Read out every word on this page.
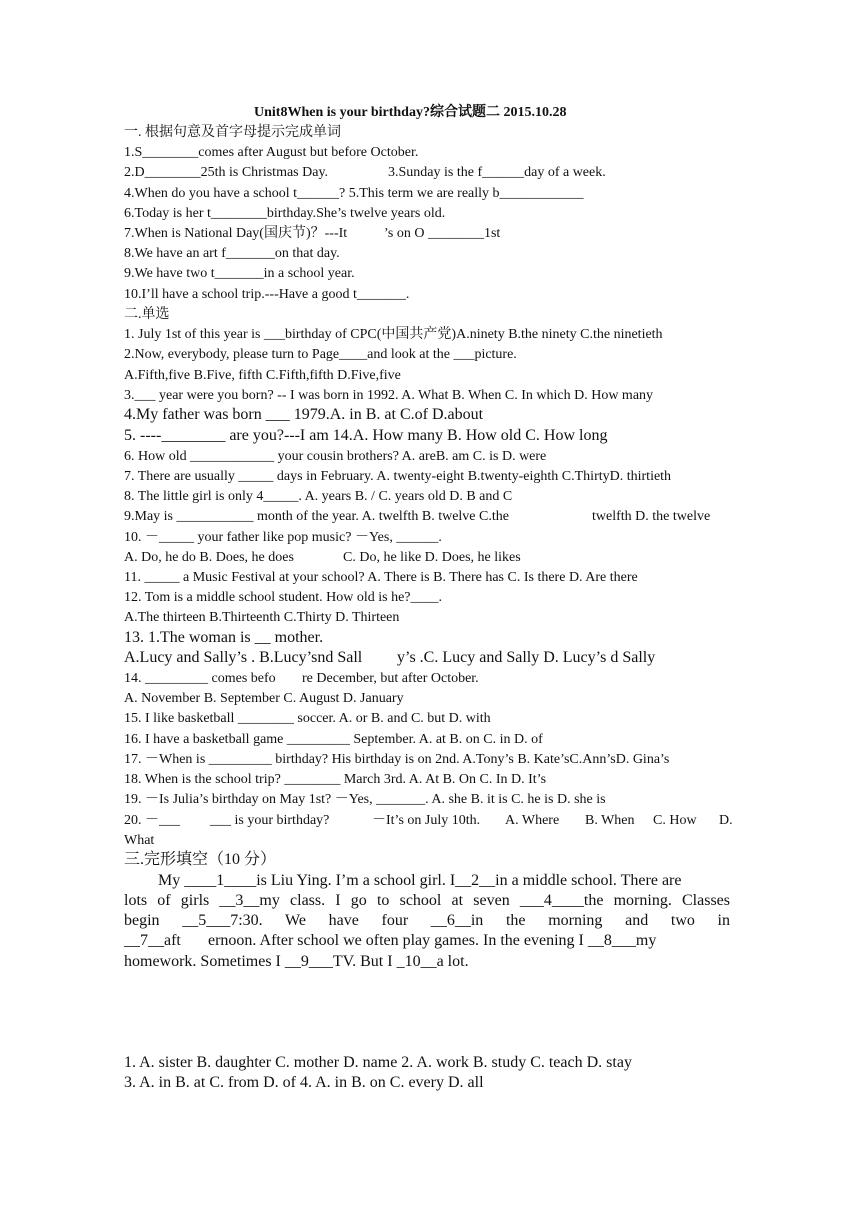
Unit8When is your birthday?综合试题二 2015.10.28
一. 根据句意及首字母提示完成单词
1.S________comes after August but before October.
2.D________25th is Christmas Day.	3.Sunday is the f______day of a week.
4.When do you have a school t______? 5.This term we are really b____________
6.Today is her t________birthday.She’s twelve years old.
7.When is National Day(国庆节)？---It	’s on O ________1st
8.We have an art f_______on that day.
9.We have two t_______in a school year.
10.I’ll have a school trip.---Have a good t_______.
二.单选
1. July 1st of this year is ___birthday of CPC(中国共产党)A.ninety B.the ninety C.the ninetieth
2.Now, everybody, please turn to Page____and look at the ___picture.
A.Fifth,five B.Five, fifth C.Fifth,fifth D.Five,five
3.___ year were you born? -- I was born in 1992. A. What B. When C. In which D. How many
4.My father was born ___ 1979.A. in B. at C.of D.about
5. ----________ are you?---I am 14.A. How many B. How old C. How long
6. How old ____________ your cousin brothers? A. areB. am C. is D. were
7. There are usually _____ days in February. A. twenty-eight B.twenty-eighth C.ThirtyD. thirtieth
8. The little girl is only 4_____. A. years B. / C. years old D. B and C
9.May is ___________ month of the year. A. twelfth B. twelve C.the	twelfth D. the twelve
10. －_____ your father like pop music? －Yes, ______.
A. Do, he do B. Does, he does	C. Do, he like D. Does, he likes
11. _____ a Music Festival at your school? A. There is B. There has C. Is there D. Are there
12. Tom is a middle school student. How old is he?____.
A.The thirteen B.Thirteenth C.Thirty D. Thirteen
13. 1.The woman is __ mother.
A.Lucy and Sally’s . B.Lucy’snd Sall y’s .C. Lucy and Sally D. Lucy’s d Sally
14. _________ comes befo re December, but after October.
A. November B. September C. August D. January
15. I like basketball ________ soccer. A. or B. and C. but D. with
16. I have a basketball game _________ September. A. at B. on C. in D. of
17. －When is _________ birthday? His birthday is on 2nd. A.Tony’s B. Kate’sC.Ann’sD. Gina’s
18. When is the school trip? ________ March 3rd. A. At B. On C. In D. It’s
19. －Is Julia’s birthday on May 1st? －Yes, _______. A. she B. it is C. he is D. she is
20. －___ ___ is your birthday?	－It’s on July 10th. A. Where B. When C. How D.
What
三.完形填空（10 分）
My ____1____is Liu Ying. I’m a school girl. I__2__in a middle school. There are
lots of girls __3__my class. I go to school at seven ___4____the morning. Classes
begin __5___7:30. We have four __6__in the morning and two in
__7__aft ernoon. After school we often play games. In the evening I __8___my
homework. Sometimes I __9___TV. But I _10__a lot.
1. A. sister B. daughter C. mother D. name 2. A. work B. study C. teach D. stay
3. A. in B. at C. from D. of 4. A. in B. on C. every D. all
